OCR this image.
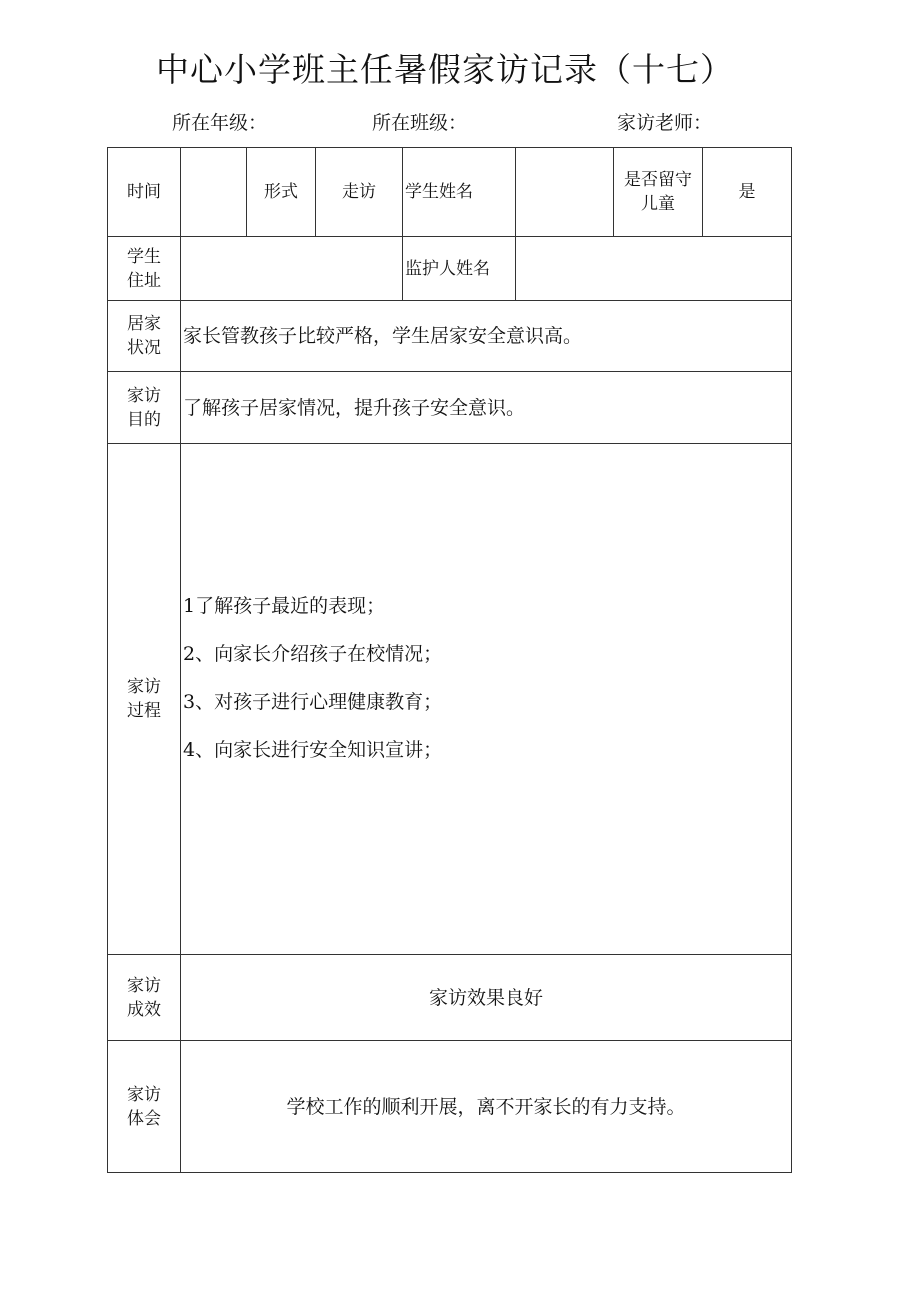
中心小学班主任暑假家访记录（十七）
所在年级：	所在班级：	家访老师：
时间		形式	走访	学生姓名		是否留守儿童	是
学生住址				监护人姓名			
居家状况	家长管教孩子比较严格，学生居家安全意识高。						
家访目的	了解孩子居家情况，提升孩子安全意识。						
家访过程	1了解孩子最近的表现；
2、向家长介绍孩子在校情况；
3、对孩子进行心理健康教育；
4、向家长进行安全知识宣讲；						

家访成效	家访效果良好						
家访体会	学校工作的顺利开展，离不开家长的有力支持。						
